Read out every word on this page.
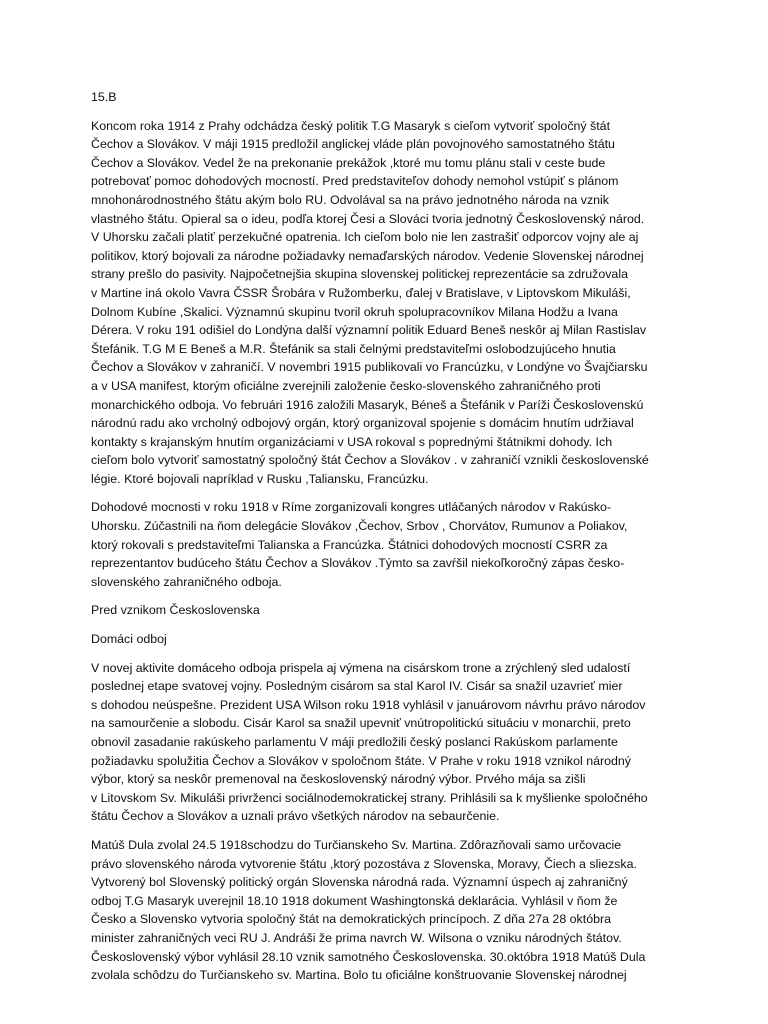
15.B
Koncom roka 1914 z Prahy odchádza český politik T.G Masaryk s cieľom vytvoriť spoločný štát
Čechov a Slovákov. V máji 1915 predložil anglickej vláde plán povojnového samostatného štátu
Čechov a Slovákov. Vedel že na prekonanie prekážok ,ktoré mu tomu plánu stali v ceste bude
potrebovať pomoc dohodových mocností. Pred predstaviteľov dohody nemohol vstúpiť s plánom
mnohonárodnostného štátu akým bolo RU. Odvolával sa na právo jednotného národa na vznik
vlastného štátu. Opieral sa o ideu, podľa ktorej Česi a Slováci tvoria jednotný Československý národ.
V Uhorsku začali platiť perzekučné opatrenia. Ich cieľom bolo nie len zastrašiť odporcov vojny ale aj
politikov, ktorý bojovali za národne požiadavky nemaďarských národov. Vedenie Slovenskej národnej
strany prešlo do pasivity. Najpočetnejšia skupina slovenskej politickej reprezentácie sa združovala
v Martine iná okolo Vavra ČSSR Šrobára v Ružomberku, ďalej v Bratislave, v Liptovskom Mikuláši,
Dolnom Kubíne ,Skalici. Významnú skupinu tvoril okruh spolupracovníkov Milana Hodžu a Ivana
Dérera. V roku 191 odišiel do Londýna další významní politik Eduard Beneš neskôr aj Milan Rastislav
Štefánik. T.G M E Beneš a M.R. Štefánik sa stali čelnými predstaviteľmi oslobodzujúceho hnutia
Čechov a Slovákov v zahraničí. V novembri 1915 publikovali vo Francúzku, v Londýne vo Švajčiarsku
a v USA manifest, ktorým oficiálne zverejnili založenie česko-slovenského zahraničného proti
monarchického odboja. Vo februári 1916 založili Masaryk, Béneš a Štefánik v Paríži Československú
národnú radu ako vrcholný odbojový orgán, ktorý organizoval spojenie s domácim hnutím udržiaval
kontakty s krajanským hnutím organizáciami v USA rokoval s poprednými štátnikmi dohody. Ich
cieľom bolo vytvoriť samostatný spoločný štát Čechov a Slovákov . v zahraničí vznikli československé
légie. Ktoré bojovali napríklad v Rusku ,Taliansku, Francúzku.
Dohodové mocnosti v roku 1918 v Ríme zorganizovali kongres utláčaných národov v Rakúsko-
Uhorsku. Zúčastnili na ňom delegácie Slovákov ,Čechov, Srbov , Chorvátov, Rumunov a Poliakov,
ktorý rokovali s predstaviteľmi Talianska a Francúzka. Štátnici dohodových mocností CSRR za
reprezentantov budúceho štátu Čechov a Slovákov .Týmto sa zavŕšil niekoľkoročný zápas česko-
slovenského zahraničného odboja.
Pred vznikom Československa
Domáci odboj
V novej aktivite domáceho odboja prispela aj výmena na cisárskom trone a zrýchlený sled udalostí
poslednej etape svatovej vojny. Posledným cisárom sa stal Karol IV. Cisár sa snažil uzavrieť mier
s dohodou neúspešne. Prezident USA Wilson roku 1918 vyhlásil v januárovom návrhu právo národov
na samourčenie a slobodu. Cisár Karol sa snažil upevniť vnútropolitickú situáciu v monarchii, preto
obnovil zasadanie rakúskeho parlamentu V máji predložili český poslanci Rakúskom parlamente
požiadavku spolužitia Čechov a Slovákov v spoločnom štáte. V Prahe v roku 1918 vznikol národný
výbor, ktorý sa neskôr premenoval na československý národný výbor. Prvého mája sa zišli
v Litovskom Sv. Mikuláši privrženci sociálnodemokratickej strany. Prihlásili sa k myšlienke spoločného
štátu Čechov a Slovákov a uznali právo všetkých národov na sebaurčenie.
Matúš Dula zvolal 24.5 1918schodzu do Turčianskeho Sv. Martina. Zdôrazňovali samo určovacie
právo slovenského národa vytvorenie štátu ,ktorý pozostáva z Slovenska, Moravy, Čiech a sliezska.
Vytvorený bol Slovenský politický orgán Slovenska národná rada. Významní úspech aj zahraničný
odboj T.G Masaryk uverejnil 18.10 1918 dokument Washingtonská deklarácia. Vyhlásil v ňom že
Česko a Slovensko vytvoria spoločný štát na demokratických princípoch. Z dňa 27a 28 októbra
minister zahraničných veci RU J. Andráši že prima navrch W. Wilsona o vzniku národných štátov.
Československý výbor vyhlásil 28.10 vznik samotného Československa. 30.októbra 1918 Matúš Dula
zvolala schôdzu do Turčianskeho sv. Martina. Bolo tu oficiálne konštruovanie Slovenskej národnej
